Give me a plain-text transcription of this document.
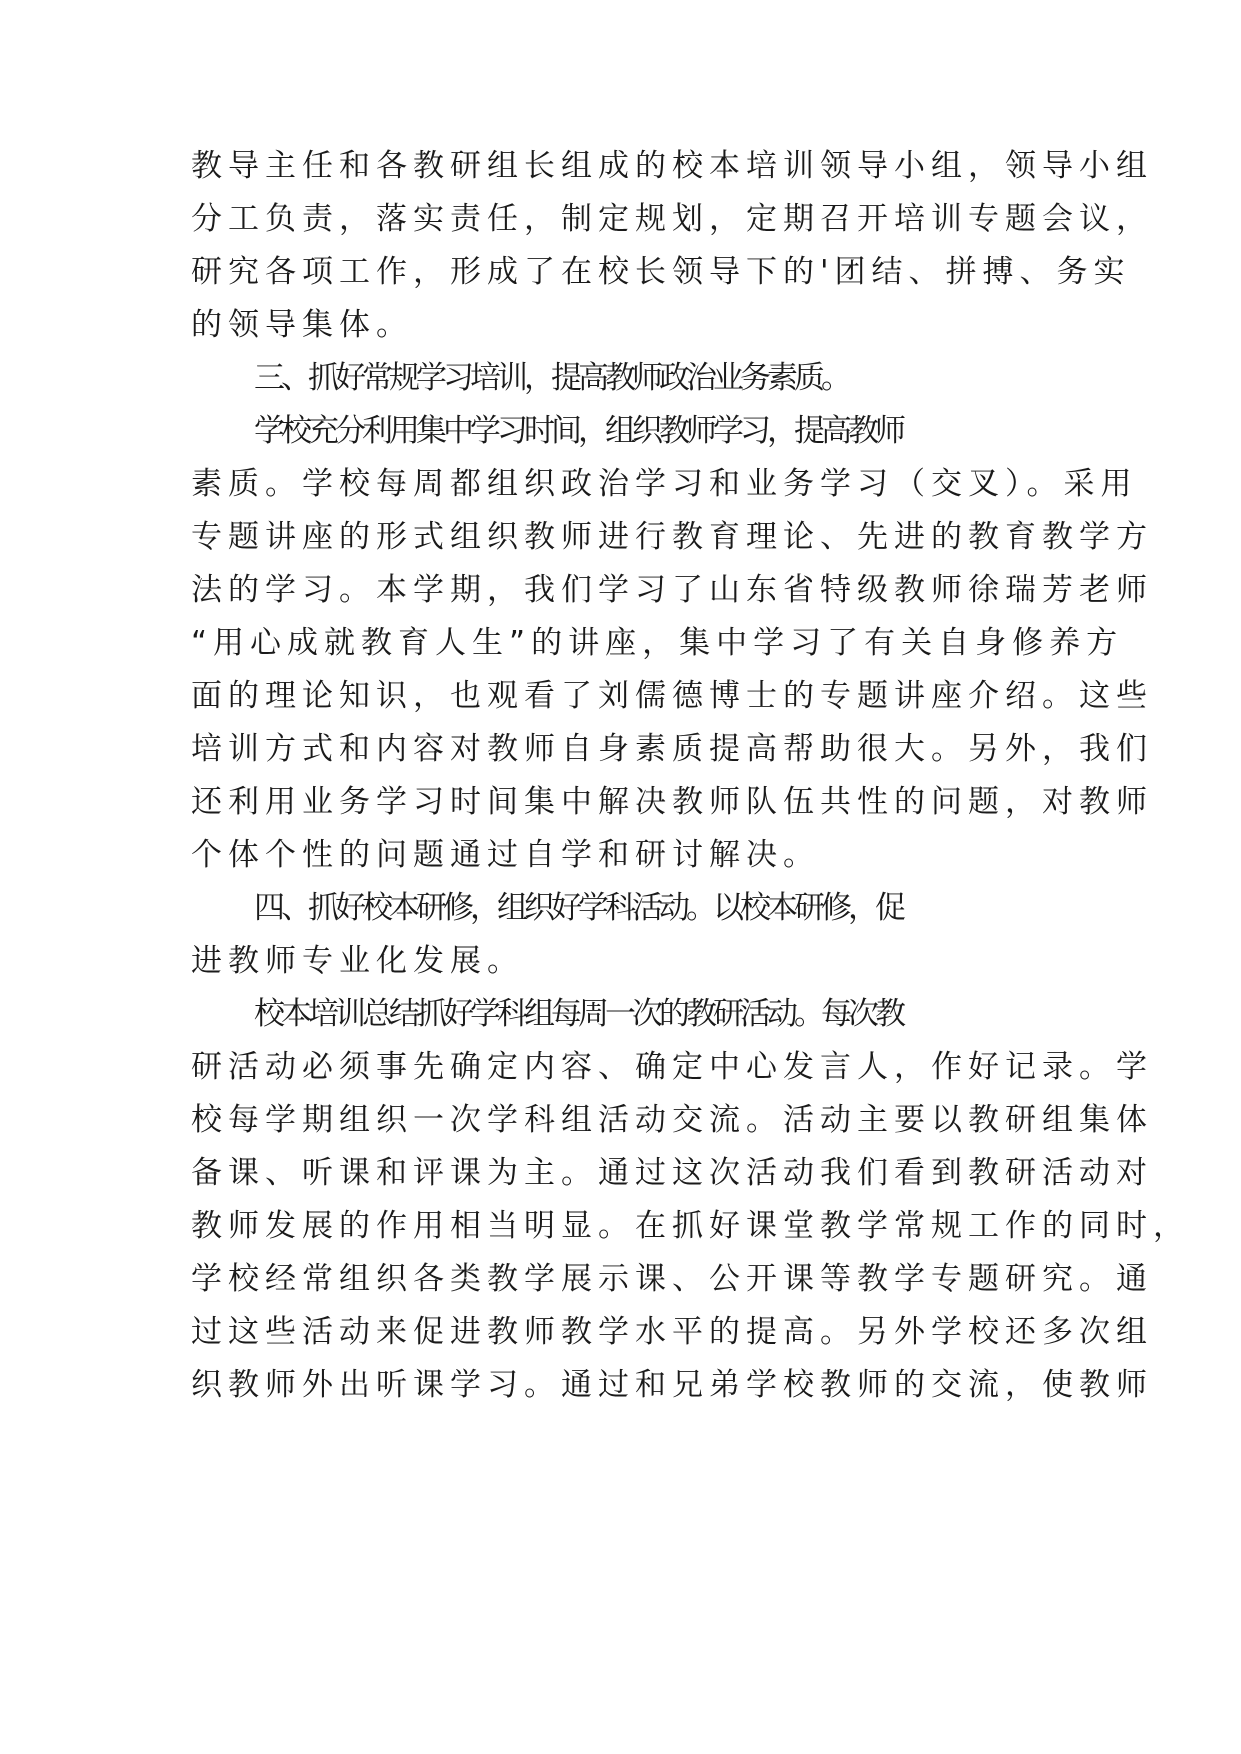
教导主任和各教研组长组成的校本培训领导小组，领导小组
分工负责，落实责任，制定规划，定期召开培训专题会议，
研究各项工作，形成了在校长领导下的'团结、拼搏、务实
的领导集体。
三、抓好常规学习培训，提高教师政治业务素质。
学校充分利用集中学习时间，组织教师学习，提高教师
素质。学校每周都组织政治学习和业务学习（交叉）。采用
专题讲座的形式组织教师进行教育理论、先进的教育教学方
法的学习。本学期，我们学习了山东省特级教师徐瑞芳老师
“用心成就教育人生”的讲座，集中学习了有关自身修养方
面的理论知识，也观看了刘儒德博士的专题讲座介绍。这些
培训方式和内容对教师自身素质提高帮助很大。另外，我们
还利用业务学习时间集中解决教师队伍共性的问题，对教师
个体个性的问题通过自学和研讨解决。
四、抓好校本研修，组织好学科活动。以校本研修，促
进教师专业化发展。
校本培训总结抓好学科组每周一次的教研活动。每次教
研活动必须事先确定内容、确定中心发言人，作好记录。学
校每学期组织一次学科组活动交流。活动主要以教研组集体
备课、听课和评课为主。通过这次活动我们看到教研活动对
教师发展的作用相当明显。在抓好课堂教学常规工作的同时，
学校经常组织各类教学展示课、公开课等教学专题研究。通
过这些活动来促进教师教学水平的提高。另外学校还多次组
织教师外出听课学习。通过和兄弟学校教师的交流，使教师
